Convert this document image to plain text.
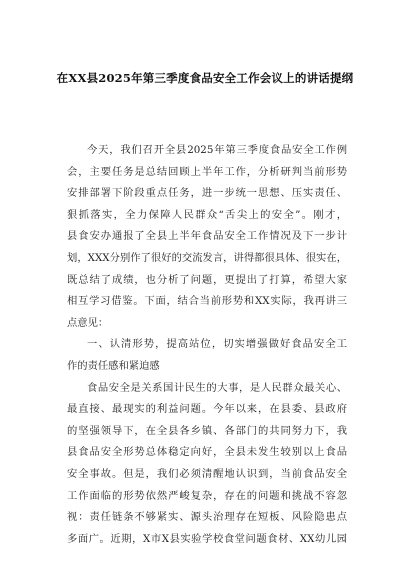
在XX县2025年第三季度食品安全工作会议上的讲话提纲
今天，我们召开全县2025年第三季度食品安全工作例
会，主要任务是总结回顾上半年工作，分析研判当前形势
安排部署下阶段重点任务，进一步统一思想、压实责任、
狠抓落实，全力保障人民群众“舌尖上的安全”。刚才，
县食安办通报了全县上半年食品安全工作情况及下一步计
划，XXX分别作了很好的交流发言，讲得都很具体、很实在，
既总结了成绩，也分析了问题，更提出了打算，希望大家
相互学习借鉴。下面，结合当前形势和XX实际，我再讲三
点意见：
一、认清形势，提高站位，切实增强做好食品安全工
作的责任感和紧迫感
食品安全是关系国计民生的大事，是人民群众最关心、
最直接、最现实的利益问题。今年以来，在县委、县政府
的坚强领导下，在全县各乡镇、各部门的共同努力下，我
县食品安全形势总体稳定向好，全县未发生较别以上食品
安全事故。但是，我们必须清醒地认识到，当前食品安全
工作面临的形势依然严峻复杂，存在的问题和挑战不容忽
视：责任链条不够紧实、源头治理存在短板、风险隐患点
多面广。近期，X市X县实验学校食堂问题食材、XX幼儿园
